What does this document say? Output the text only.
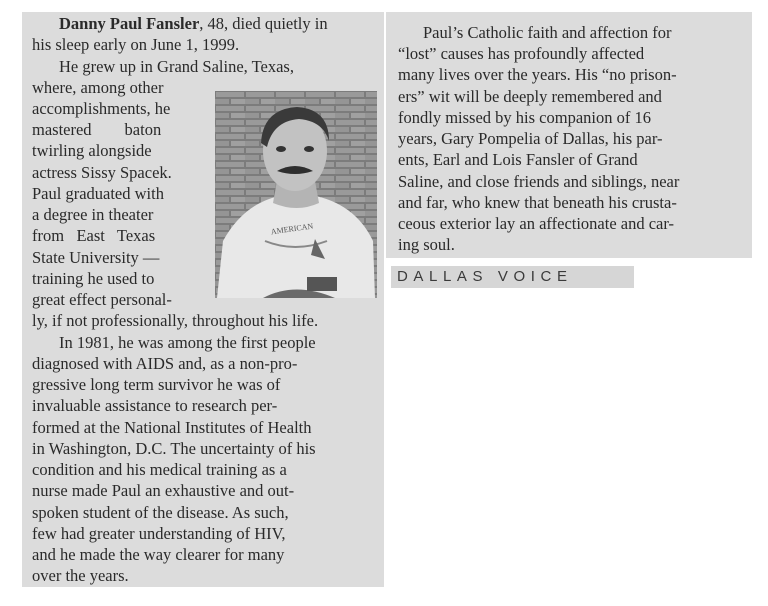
Danny Paul Fansler, 48, died quietly in
his sleep early on June 1, 1999.
He grew up in Grand Saline, Texas,
where, among other
accomplishments, he
mastered        baton
twirling alongside
actress Sissy Spacek.
Paul graduated with
a degree in theater
from   East   Texas
State University —
training he used to
great effect personal-
ly, if not professionally, throughout his life.
In 1981, he was among the first people
diagnosed with AIDS and, as a non-pro-
gressive long term survivor he was of
invaluable assistance to research per-
formed at the National Institutes of Health
in Washington, D.C. The uncertainty of his
condition and his medical training as a
nurse made Paul an exhaustive and out-
spoken student of the disease. As such,
few had greater understanding of HIV,
and he made the way clearer for many
over the years.
AMERICAN
Paul’s Catholic faith and affection for
“lost” causes has profoundly affected
many lives over the years. His “no prison-
ers” wit will be deeply remembered and
fondly missed by his companion of 16
years, Gary Pompelia of Dallas, his par-
ents, Earl and Lois Fansler of Grand
Saline, and close friends and siblings, near
and far, who knew that beneath his crusta-
ceous exterior lay an affectionate and car-
ing soul.
DALLAS VOICE
